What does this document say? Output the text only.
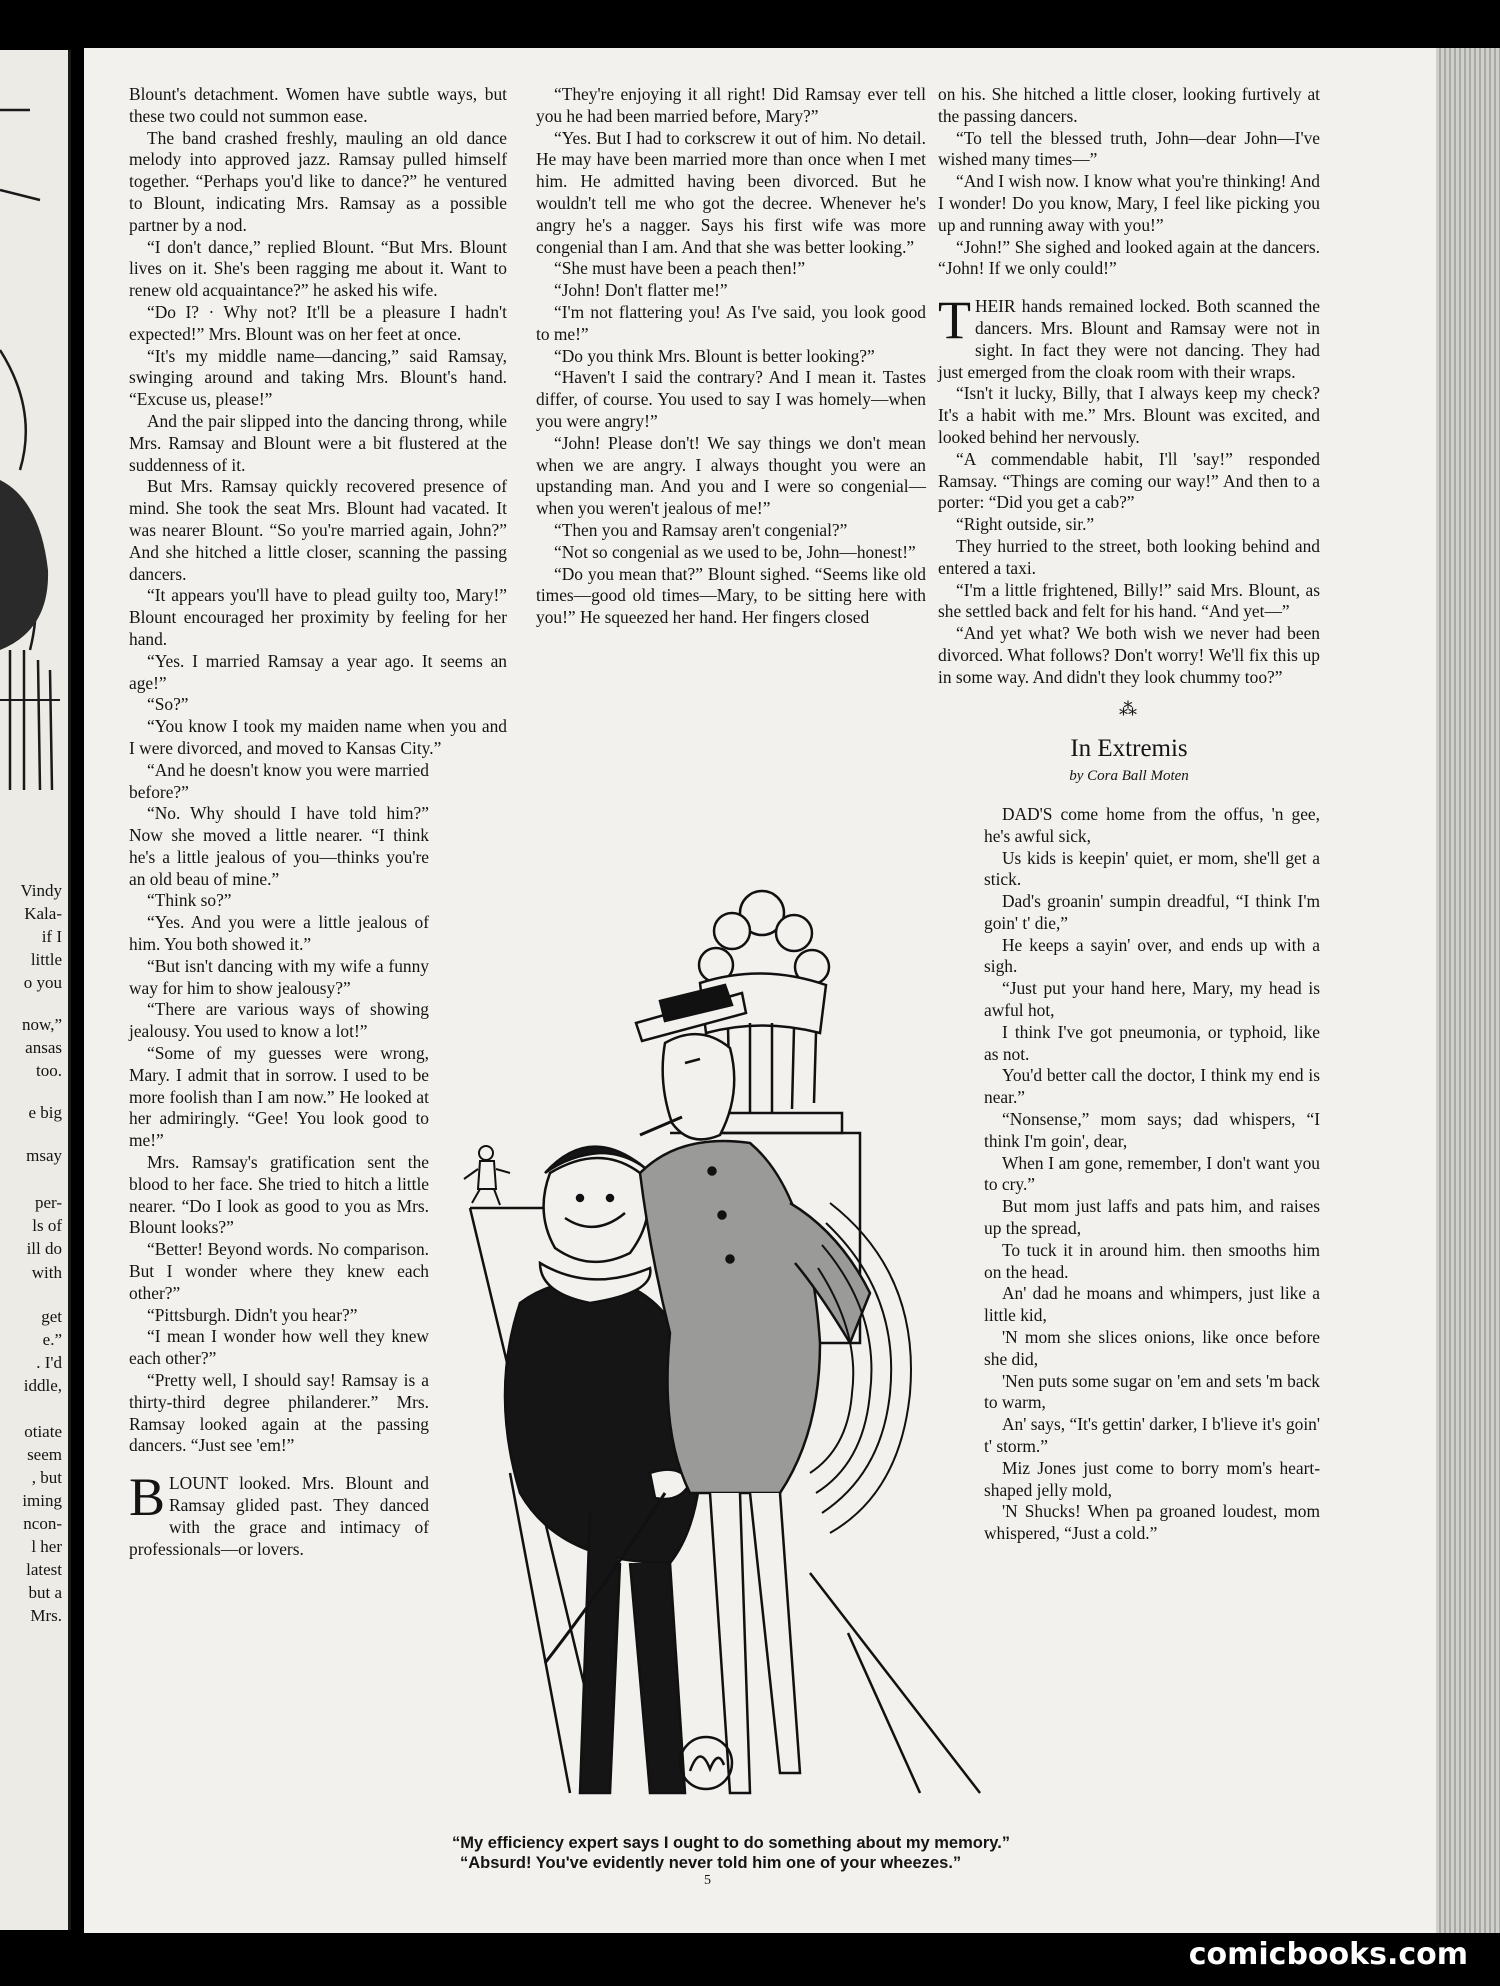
Vindy
Kala-
if I
little
o you
now,”
ansas
too.
e big
msay
per-
ls of
ill do
with
get
e.”
. I'd
iddle,
otiate
seem
, but
iming
ncon-
l her
latest
but a
Mrs.

Blount's detachment. Women have subtle ways, but these two could not summon ease.

The band crashed freshly, mauling an old dance melody into approved jazz. Ramsay pulled himself together. “Perhaps you'd like to dance?” he ventured to Blount, indicating Mrs. Ramsay as a possible partner by a nod.

“I don't dance,” replied Blount. “But Mrs. Blount lives on it. She's been ragging me about it. Want to renew old acquaintance?” he asked his wife.

“Do I? · Why not? It'll be a pleasure I hadn't expected!” Mrs. Blount was on her feet at once.

“It's my middle name—dancing,” said Ramsay, swinging around and taking Mrs. Blount's hand. “Excuse us, please!”

And the pair slipped into the dancing throng, while Mrs. Ramsay and Blount were a bit flustered at the suddenness of it.

But Mrs. Ramsay quickly recovered presence of mind. She took the seat Mrs. Blount had vacated. It was nearer Blount. “So you're married again, John?” And she hitched a little closer, scanning the passing dancers.

“It appears you'll have to plead guilty too, Mary!” Blount encouraged her proximity by feeling for her hand.

“Yes. I married Ramsay a year ago. It seems an age!”

“So?”

“You know I took my maiden name when you and I were divorced, and moved to Kansas City.”

“And he doesn't know you were married before?”

“No. Why should I have told him?” Now she moved a little nearer. “I think he's a little jealous of you—thinks you're an old beau of mine.”

“Think so?”

“Yes. And you were a little jealous of him. You both showed it.”

“But isn't dancing with my wife a funny way for him to show jealousy?”

“There are various ways of showing jealousy. You used to know a lot!”

“Some of my guesses were wrong, Mary. I admit that in sorrow. I used to be more foolish than I am now.” He looked at her admiringly. “Gee! You look good to me!”

Mrs. Ramsay's gratification sent the blood to her face. She tried to hitch a little nearer. “Do I look as good to you as Mrs. Blount looks?”

“Better! Beyond words. No comparison. But I wonder where they knew each other?”

“Pittsburgh. Didn't you hear?”

“I mean I wonder how well they knew each other?”

“Pretty well, I should say! Ramsay is a thirty-third degree philanderer.” Mrs. Ramsay looked again at the passing dancers. “Just see 'em!”

BLOUNT looked. Mrs. Blount and Ramsay glided past. They danced with the grace and intimacy of professionals—or lovers.

“They're enjoying it all right! Did Ramsay ever tell you he had been married before, Mary?”

“Yes. But I had to corkscrew it out of him. No detail. He may have been married more than once when I met him. He admitted having been divorced. But he wouldn't tell me who got the decree. Whenever he's angry he's a nagger. Says his first wife was more congenial than I am. And that she was better looking.”

“She must have been a peach then!”

“John! Don't flatter me!”

“I'm not flattering you! As I've said, you look good to me!”

“Do you think Mrs. Blount is better looking?”

“Haven't I said the contrary? And I mean it. Tastes differ, of course. You used to say I was homely—when you were angry!”

“John! Please don't! We say things we don't mean when we are angry. I always thought you were an upstanding man. And you and I were so congenial—when you weren't jealous of me!”

“Then you and Ramsay aren't congenial?”

“Not so congenial as we used to be, John—honest!”

“Do you mean that?” Blount sighed. “Seems like old times—good old times—Mary, to be sitting here with you!” He squeezed her hand. Her fingers closed

on his. She hitched a little closer, looking furtively at the passing dancers.

“To tell the blessed truth, John—dear John—I've wished many times—”

“And I wish now. I know what you're thinking! And I wonder! Do you know, Mary, I feel like picking you up and running away with you!”

“John!” She sighed and looked again at the dancers. “John! If we only could!”

THEIR hands remained locked. Both scanned the dancers. Mrs. Blount and Ramsay were not in sight. In fact they were not dancing. They had just emerged from the cloak room with their wraps.

“Isn't it lucky, Billy, that I always keep my check? It's a habit with me.” Mrs. Blount was excited, and looked behind her nervously.

“A commendable habit, I'll 'say!” responded Ramsay. “Things are coming our way!” And then to a porter: “Did you get a cab?”

“Right outside, sir.”

They hurried to the street, both looking behind and entered a taxi.

“I'm a little frightened, Billy!” said Mrs. Blount, as she settled back and felt for his hand. “And yet—”

“And yet what? We both wish we never had been divorced. What follows? Don't worry! We'll fix this up in some way. And didn't they look chummy too?”

⁂
In Extremis
by Cora Ball Moten

DAD'S come home from the offus, 'n gee, he's awful sick,

Us kids is keepin' quiet, er mom, she'll get a stick.

Dad's groanin' sumpin dreadful, “I think I'm goin' t' die,”

He keeps a sayin' over, and ends up with a sigh.

“Just put your hand here, Mary, my head is awful hot,

I think I've got pneumonia, or typhoid, like as not.

You'd better call the doctor, I think my end is near.”

“Nonsense,” mom says; dad whispers, “I think I'm goin', dear,

When I am gone, remember, I don't want you to cry.”

But mom just laffs and pats him, and raises up the spread,

To tuck it in around him. then smooths him on the head.

An' dad he moans and whimpers, just like a little kid,

'N mom she slices onions, like once before she did,

'Nen puts some sugar on 'em and sets 'm back to warm,

An' says, “It's gettin' darker, I b'lieve it's goin' t' storm.”

Miz Jones just come to borry mom's heart-shaped jelly mold,

'N Shucks! When pa groaned loudest, mom whispered, “Just a cold.”

“My efficiency expert says I ought to do something about my memory.”
“Absurd! You've evidently never told him one of your wheezes.”
5
comicbooks.com
